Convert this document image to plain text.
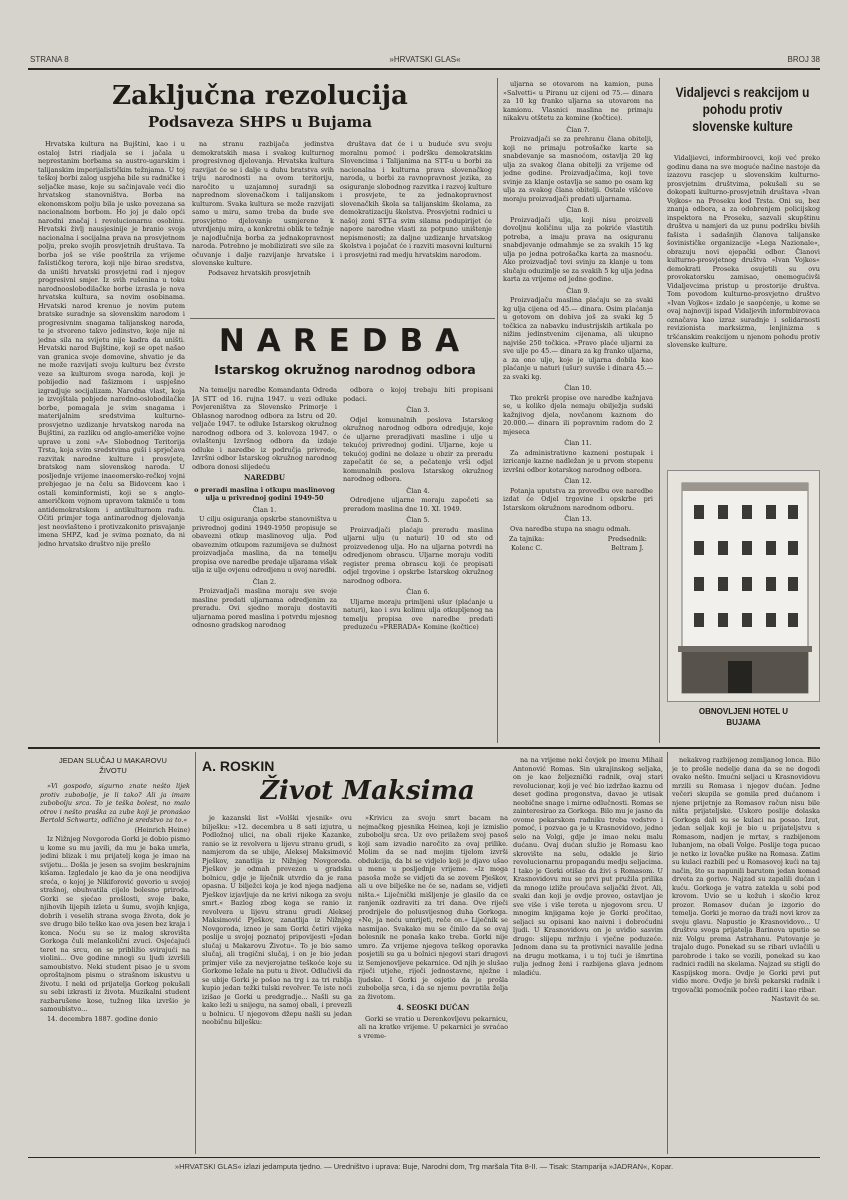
STRANA 8	»HRVATSKI GLAS«	BROJ 38
Zaključna rezolucija
Podsaveza SHPS u Bujama

Hrvatska kultura na Bujštini, kao i u ostaloj Istri riadjala se i jačala u neprestanim borbama sa austro-ugarskim i talijanskim imperijalističkim težnjama. U toj teškoj borbi zalog uspjeha bile su radničke i seljačke mase, koje su sačinjavale veći dio hrvatskog stanovništva. Borba na ekonomskom polju bila je usko povezana sa nacionalnom borbom. Ho joj je dalo opći narodni značaj i revolucionarnu osobinu. Hrvatski življ nausjesinije je branio svoja nacionalna i socijalna prava na prosvjetnom polju, preko svojih prosvjetnih društava. Ta borba još se više pooštrila za vrijeme fašističkog terora, koji nije birao sredstva, da uništi hrvatski prosvjetni rad i njegov progresivni smjer. Iz svih rušenina u toku narodnooslobodilačke borbe izrasla je nova hrvatska kultura, sa novim osobinama. Hrvatski narod krenuo je novim putem bratske suradnje sa slovenskim narodom i progresivnim snagama talijanskog naroda, te je stvoreno takvo jedinstvo, koje nije ni jedna sila na svijetu nije kadra da uništi. Hrvatski narod Bujštine, koji se opet našao van granica svoje domovine, shvatio je da ne može razvijati svoju kulturu bez čvrste veze sa kulturom svoga naroda, koji je pobijedio nad fašizmom i uspješno izgradjuje socijalizam. Narodna vlast, koja je izvojštala pobjede narodno-oslobodilačke borbe, pomagala je svim snagama i materijalnim sredstvima kulturno-prosvjetno uzdizanje hrvatskog naroda na Bujštini, za razliku od anglo-američke vojne uprave u zoni »A« Slobodnog Teritorija Trsta, koja svim sredstvima guši i sprječava razvitak narodne kulture i prosvjete, bratskog nam slovenskog naroda. U posljednje vrijeme inaeomersko-rečkoj vojni prebjegao je na čelu sa Bidovcem kao i ostali kominformisti, koji se s anglo-američkom vojnom upravom takmiče u tom antidemokratskom i antikulturnom radu. Očiti primjer toga antinarodnog djelovanja jest neovlašteno i protivzakonito prisvajanje imena SHPZ, kad je svima poznato, da ni jedno hrvatsko društvo nije prešlo

na stranu razbijača jedinstva demokratskih masa i svakog kulturnog progresivnog djelovanja. Hrvatska kultura razvijat će se i dalje u duhu bratstva svih triju narodnosti na ovom teritoriju, naročito u uzajamnoj suradnji sa naprednom slovenačkom i talijanskom kulturom. Svaka kultura se može razvijati samo u miru, samo treba da bude sve prosvjetno djelovanje usmjereno k utvrdjenju mira, a konkretni oblik te težnje je najodlučnija borba za jednakopravnost naroda. Potrebno je mobilizirati sve sile za očuvanje i dalje razvijanje hrvatske i slovenske kulture.

Podsavez hrvatskih prosvjetnih

društava dat će i u buduće svu svoju moralnu pomoć i podršku demokratskim Slovencima i Talijanima na STT-u u borbi za nacionalna i kulturna prava slovenačkog naroda, u borbi za ravnopravnost jezika, za osiguranje slobodnog razvitka i razvoj kulture i prosvjete, te za jednakopravnost slovenačkih škola sa talijanskim školama, za demokratizaciju školstva. Prosvjetni radnici u našoj zoni STT-a svim silama podupirijet će napore narodne vlasti za potpuno uništenje nepismenosti; za daljne uzdizanje hrvatskog školstva i pojačat će i razviti masovni kulturni i prosvjetni rad medju hrvatskim narodom.

NAREDBA
Istarskog okružnog narodnog odbora

Na temelju naredbe Komandanta Odreda JA STT od 16. rujna 1947. u vezi odluke Povjereništva za Slovensko Primorje i Oblasnog narodnog odbora za Istru od 20. veljače 1947. te odluke Istarskog okružnog narodnog odbora od 3. kolovoza 1947. o ovlaštenju Izvršnog odbora da izdaje odluke i naredbe iz područja privrede, Izvršni odbor Istarskog okružnog narodnog odbora donosi slijedeću

NAREDBU
o preradi maslina i otkupu maslinovog ulja u privrednoj godini 1949-50
Član 1.

U cilju osiguranja opskrbe stanovništva u privrednoj godini 1949-1950 propisuje se obavezni otkup maslinovog ulja. Pod obaveznim otkupom razumijeva se dužnost proizvadjača maslina, da na temelju propisa ove naredbe predaje uljarama višak ulja iz ulje ovjenu odredjenu u ovoj naredbi.

Član 2.

Proizvadjači maslina moraju sve svoje masline predati uljarnama odredjenim za preradu. Ovi sjedno moraju dostaviti uljarnama pored maslina i potvrdu mjesnog odnosno gradskog narodnog

odbora o kojoj trebaju biti propisani podaci.

Član 3.

Odjel komunalnih poslova Istarskog okružnog narodnog odbora odredjuje, koje će uljarne preradjivati masline i ulje u tekućoj privrednoj godini. Uljarne, koje u tekućoj godini ne dolaze u obzir za preradu zapečatit će se, a pečatenje vrši odjel komunalnih poslova Istarskog okružnog narodnog odbora.

Član 4.

Odredjene uljarne moraju započeti sa preradom maslina dne 10. XI. 1949.

Član 5.

Proizvadjači plaćaju preradu maslina uljarni ulju (u naturi) 10 od sto od proizvedenog ulja. Ho na uljarna potvrdi na odredjenom obrascu. Uljarne moraju voditi register prema obrascu koji će propisati odjel trgovine i opskrbe Istarskog okružnog narodnog odbora.

Član 6.

Uljarne moraju primljeni ušur (plaćanje u naturi), kao i svu kolimu ulja otkupljenog na temelju propisa ove naredbe predati preduzeću »PRERADA« Komine (kočtice)

uljarna se otovarom na kamion, puna »Salvetti« u Piranu uz cijeni od 75.— dinara za 10 kg franko uljarna sa utovarom na kamionu. Vlasnici maslina ne primaju nikakvu otštetu za komine (kočtice).

Član 7.

Proizvadjači se za prehranu člana obitelji, koji ne primaju potrošačke karte sa snabdevanje sa masnoćom, ostavlja 20 kg ulja za svakog člana obitelji za vrijeme od jedne godine. Proizvadjačima, koji tove svinje za klanje ostavlja se samo po osam kg ulja za svakog člana obitelji. Ostale višćove moraju proizvadjači predati uljarnama.

Član 8.

Proizvadjači ulja, koji nisu proizveli dovoljnu količinu ulja za pokriće vlastitih potreba, a imaju prava na osiguranu snabdjevanje odmahmje se za svakih 15 kg ulja po jedna potrošačka karta za masnoću. Ako proizvadjač tovi svinju za klanje u tom slučaju oduzimlje se za svakih 5 kg ulja jedna karta za vrijeme od jedne godine.

Član 9.

Proizvadjaču maslina plaćaju se za svaki kg ulja cijena od 45.— dinara. Osim plaćanja u gotovom on dobiva još za svaki kg 5 točkica za nabavku industrijskih artikala po nižim jedinstvenim cijenama, ali ukupno najviše 250 točkica. »Pravo plaće uljarni za sve ulje po 45.— dinara za kg franko uljarna, a za ono ulje, koje je uljarna dobila kao plaćanje u naturi (ušur) suviše i dinara 45.— za svaki kg.

Član 10.

Tko prekrši propise ove naredbe kažnjava se, u koliko djela nemaju obilježja sudski kažnjivog djela, novčanom kaznom do 20.000.— dinara ili popravnim radom do 2 mjeseca

Član 11.

Za administrativno kazneni postupak i izricanje kazne nadležan je u prvom stepenu izvršni odbor kotarskog narodnog odbora.

Član 12.

Potanja uputstva za provedbu ove naredbe izdat će Odjel trgovine i opskrbe pri Istarskom okružnom narodnom odboru.

Član 13.

Ova naredba stupa na snagu odmah.

Za tajnika:
Kolenc C.
Predsednik:
Beltram J.
Vidaljevci s reakcijom u pohodu protiv slovenske kulture

Vidaljievci, informbiroovci, koji već preko godinu dana na sve moguće načine nastoje da izazovu rascjep u slovenskim kulturno-prosvjetnim društvima, pokušali su se dokopati kulturno-prosvjetnih društava »Ivan Vojkos« na Proseku kod Trsta. Oni su, bez znanja odbora, a za odobrenjem policijskog inspektora na Proseku, sazvali skupštinu društva u namjeri da uz punu podršku bivših fašista i sadašnjih članova talijanske šovinističke organizacije »Lega Nazionale«, obrazuju novi ejepački odbor. Članovi kulturno-prosvjetnog društva »Ivan Vojkos« demokrati Proseka osujetili su ovu provokatorsku zamisao, onemogućivši Vidaljevcima pristup u prostorije društva. Tom povodom kulturno-prosvjetno društvo »Ivan Vojkos« izdalo je saopćenje, u kome se ovaj najnoviji ispad Vidaljevih informbirovaca označava kao izraz suradnje i solidarnosti revizionista marksizma, lenjinizma s tršćanskim reakcijom u njenom pohodu protiv slovenske kulture.

OBNOVLJENI HOTEL U BUJAMA
JEDAN SLUČAJ U MAKAROVU ŽIVOTU

»Vi gospodo, sigurno znate nešto lijek protiv zubobolje, je li tako? Ali ja imam zubobolju srca. To je teška bolest, no malo otrov i nešto praška za zube koji je pronašao Bertold Schwartz, odlično je sredstvo za to.«

(Heinrich Heine)

Iz Nižnjeg Novgoroda Gorki je dobio pismo u kome su mu javili, da mu je baka umrla, jedini blizak i mu prijatelj koga je imao na svijetu... Došla je jesen sa svojim beskrajnim kišama. Izgledalo je kao da je ona neodijiva sreća, o kojoj je Nikiforović govorio u svojoj strašnoj, obuhvatila cijelo bolesno priroda. Gorki se sjećao prošlosti, svoje bake, njihovih lijepih izleta u šumu, svojih knjiga, dobrih i veselih strana svoga života, dok je sve drugo bilo teško kao ova jesen bez kraja i konca. Noću su se iz malog skrovišta Gorkoga čuli melankolični zvuci. Osjećajući teret na srcu, on se približio svirajući na violini... Ove godine mnogi su ljudi izvršili samoubistvo. Neki student pisao je u svom oproštajnom pismu o strašnom iskustvu u životu. I neki od prijatelja Gorkog pokušali su sebi izkrasti iz života. Muzikalni student razbarušene kose, tužnog lika izvršio je samoubistvo...

14. decembra 1887. godine donio

A. ROSKIN
Život Maksima

je kazanski list »Volški vjesnik« ovu bilješku: »12. decembra u 8 sati izjutra, u Podložnoj ulici, na obali rijeke Kazanke, ranio se iz revolvera u lijevu stranu grudi, s namjerom da se ubije, Aleksej Maksimović Pješkov, zanatlija iz Nižnjeg Novgoroda. Pješkov je odmah prevezen u gradsku bolnicu, gdje je liječnik utvrdio da je rana opasna. U bilježci koja je kod njega nadjena Pješkov izjavljuje da ne krivi nikoga za svoju smrt.« Bazlog zbog koga se ranio iz revolvera u lijevu stranu grudi Aleksej Maksimović Pješkov, zanatlija iz Nižnjeg Novgoroda, izneo je sam Gorki četiri vijeka poslije u svojoj poznatoj pripovijesti »Jedan slučaj u Makarovu Životu«. To je bio samo slučaj, ali tragični slučaj, i on je bio jedan primjer više za nevjerojatne teškoće koje su Gorkome ležale na putu u život. Odlučivši da se ubije Gorki je pošao na trg i za tri rublja kupio jedan težki tulski revolver. Te iste noći izišao je Gorki u predgradje... Našli su ga kako leži u snijegu, na samoj obali, i prevezli u bolnicu. U njegovom džepu našli su jedan neobičnu bilješku:

»Krivicu za svoju smrt bacam na nejmačkog pjesnika Heinea, koji je izmislio zubobolju srca. Uz ovo prilažem svoj pasoš koji sam izvadio naročito za ovaj prilike. Molim da se nad mojim tijelom izvrši obdukcija, da bi se vidjelo koji je djavo ušao u mene u posljednje vrijeme. »Iz moga pasoša može se vidjeti da se zovem Pješkov, ali u ove bilješke ne će se, nadam se, vidjeti ništa.« Liječnički mišljenje je glasilo da ce ranjenik ozdraviti za tri dana. Ove riječi prodrijele do polusvijesnog duha Gorkoga. »Ne, ja neću umrijeti, reče on.« Liječnik se nasmijao. Svakako mu se činilo da se ovaj bolesnik ne ponaša kako treba. Gorki nije umro. Za vrijeme njegova teškog oporavka posjetili su ga u bolnici njegovi stari drugovi iz Semjenovljeve pekarnice. Od njih je slušao riječi utjehe, riječi jednostavne, nježne i ljudske. I Gorki je osjetio da je prošla zubobolja srca, i da se njemu povratila želja za životom.

4. SEOSKI DUĆAN

Gorki se vratio u Derenkovljevu pekarnicu, ali na kratko vrijeme. U pekarnici je svraćao s vreme-

na na vrijeme neki čovjek po imenu Mihail Antonović Romas. Sin ukrajinskog seljaka, on je kao željeznički radnik, ovaj stari revolucionar, koji je već bio izdržao kaznu od deset godina progonstva, davao je utisak neobične snage i mirne odlučnosti. Romas se zainteresirao za Gorkoga. Bilo mu je jasno da ovome pekarskom radniku treba vodstvo i pomoć, i pozvao ga je u Krasnovidovo, jedno selo na Volgi, gdje je imao neku malu dućanu. Ovaj dućan služio je Romasu kao skrovište na selu, odakle je širio revolucionarnu propagandu medju seljacima. I tako je Gorki otišao da živi s Romasom. U Krasnovidovu mu se prvi put pružila prilika da mnogo izliže proučava seljački život. Ali, svaki dan koji je ovdje proveo, ostavljao je sve više i više tereta u njegovom srcu. U mnogim knjigama koje je Gorki pročitao, seljaci su opisani kao naivni i dobroćudni ljudi. U Krasnovidovu on je uvidio sasvim drugo: slijepu mržnju i vječne poduzeće. Jednom dana su ta protivnici navalile jedna na drugu motkama, i u toj tući je išmrtina rulja jednog ženi i razbijena glava jednom mladiću.

nekakvog razbijenog zemljanog lonca. Bilo je to prošle nedelje dana da se ne dogodi ovako nešto. Imućni seljaci u Krasnovidovu mrzili su Romasa i njegov dućan. Jedne večeri skupila se gomila pred dućanom i njene prijetnje za Romasov račun nisu bile ništa prijateljske. Uskoro poslije dolaska Gorkoga dali su se kulaci na posao. Izut, jedan seljak koji je bio u prijateljstvu s Romasom, nadjen je mrtav, s razbijenom lubanjom, na obali Volge. Poslije toga pucao je netko iz lovačke puške na Romasa. Zatim su kulaci razbili peć u Romasovoj kući na taj način, što su napunili barutom jedan komad drveta za gorivo. Najzad su zapalili dućan i kuću. Gorkoga je vatra zatekla u sobi pod krovom. Uvio se u kožuh i skočio kroz prozor. Romasov dućan je izgorio do temelja. Gorki je morao da traži novi krov za svoju glavu. Napustio je Krasnovidovo... U društvu svoga prijatelja Barinova uputio se niz Volgu prema Astrahanu. Putovanje je trajalo dugo. Ponekad su se ribari uvlačili u parobrode i tako se vozili, ponekad su kao radnici radili na skelama. Najzad su stigli do Kaspijskog mora. Ovdje je Gorki prvi put vidio more. Ovdje je bivši pekarski radnik i trgovački pomoćnik počeo raditi i kao ribar.

Nastavit će se.

»HRVATSKI GLAS« izlazi jedamputa tjedno. — Uredništvo i uprava: Buje, Narodni dom, Trg maršala Tita 8-II. — Tisak: Stamparija »JADRAN«, Kopar.
